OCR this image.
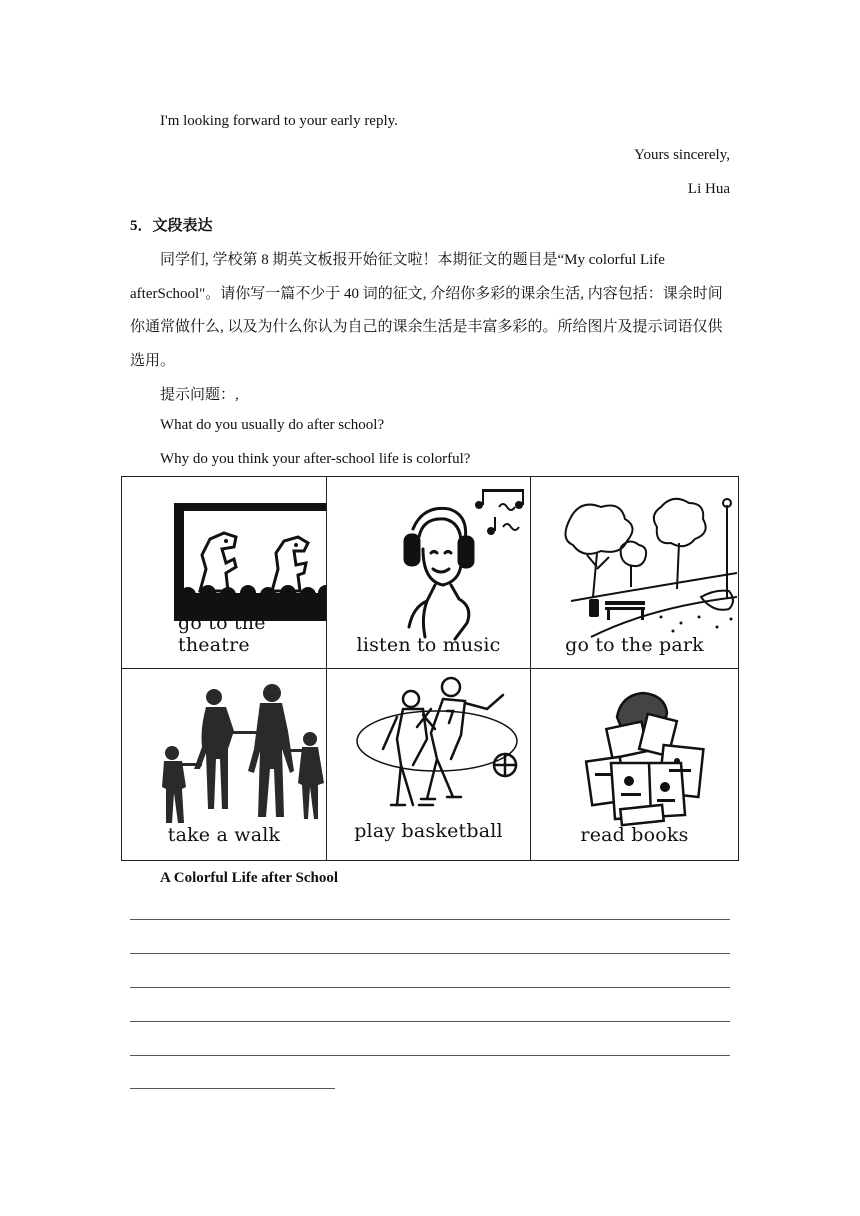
I'm looking forward to your early reply.
Yours sincerely,
Li Hua
5．文段表达
同学们, 学校第 8 期英文板报开始征文啦！本期征文的题目是“My colorful Life
afterSchool"。请你写一篇不少于 40 词的征文, 介绍你多彩的课余生活, 内容包括：课余时间
你通常做什么, 以及为什么你认为自己的课余生活是丰富多彩的。所给图片及提示词语仅供
选用。
提示问题：,
What do you usually do after school?
Why do you think your after-school life is colorful?
go to the theatre	listen to music	go to the park
take a walk	play basketball	read books
A Colorful Life after School
